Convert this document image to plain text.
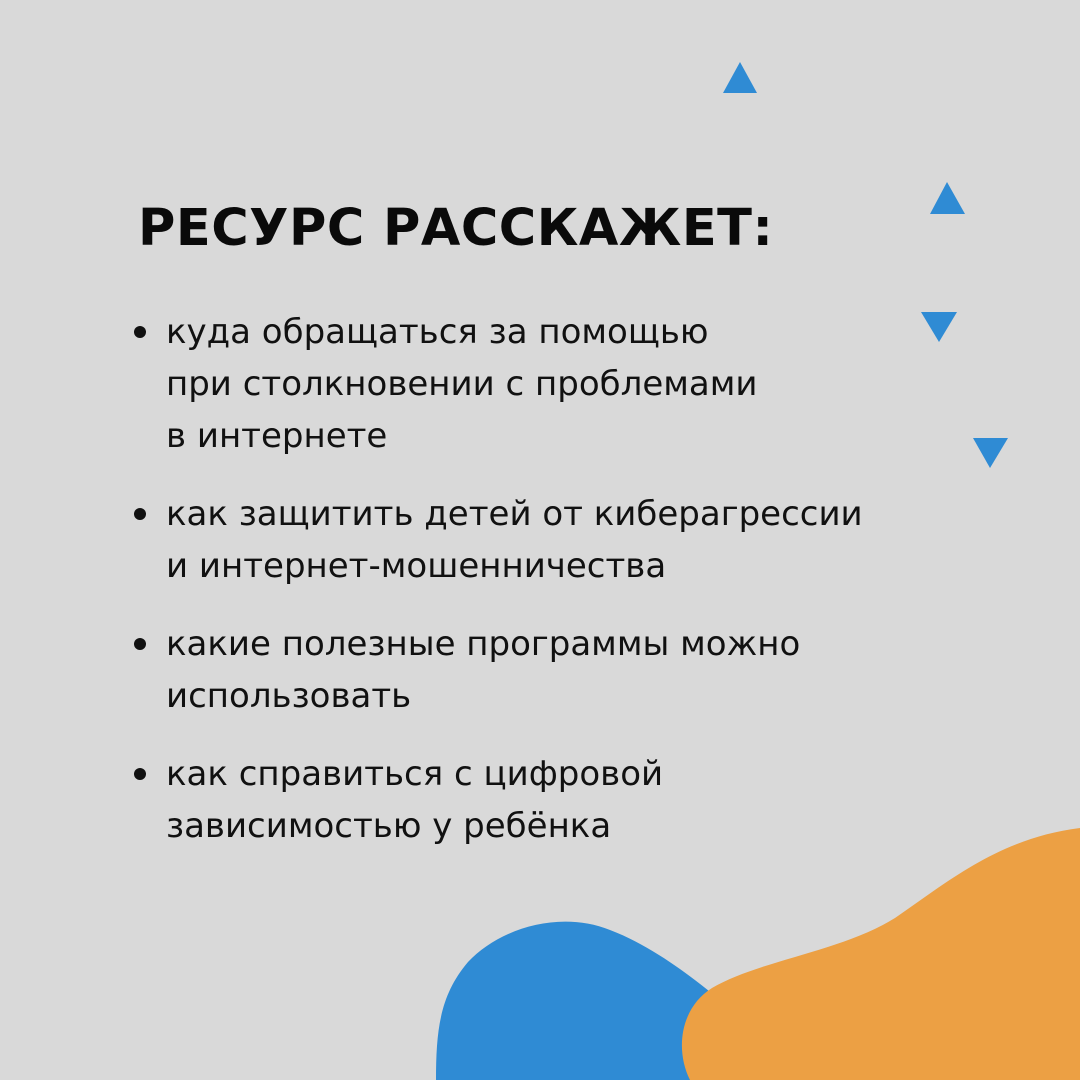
РЕСУРС РАССКАЖЕТ:
куда обращаться за помощью
при столкновении с проблемами
в интернете
как защитить детей от киберагрессии
и интернет-мошенничества
какие полезные программы можно
использовать
как справиться с цифровой
зависимостью у ребёнка
